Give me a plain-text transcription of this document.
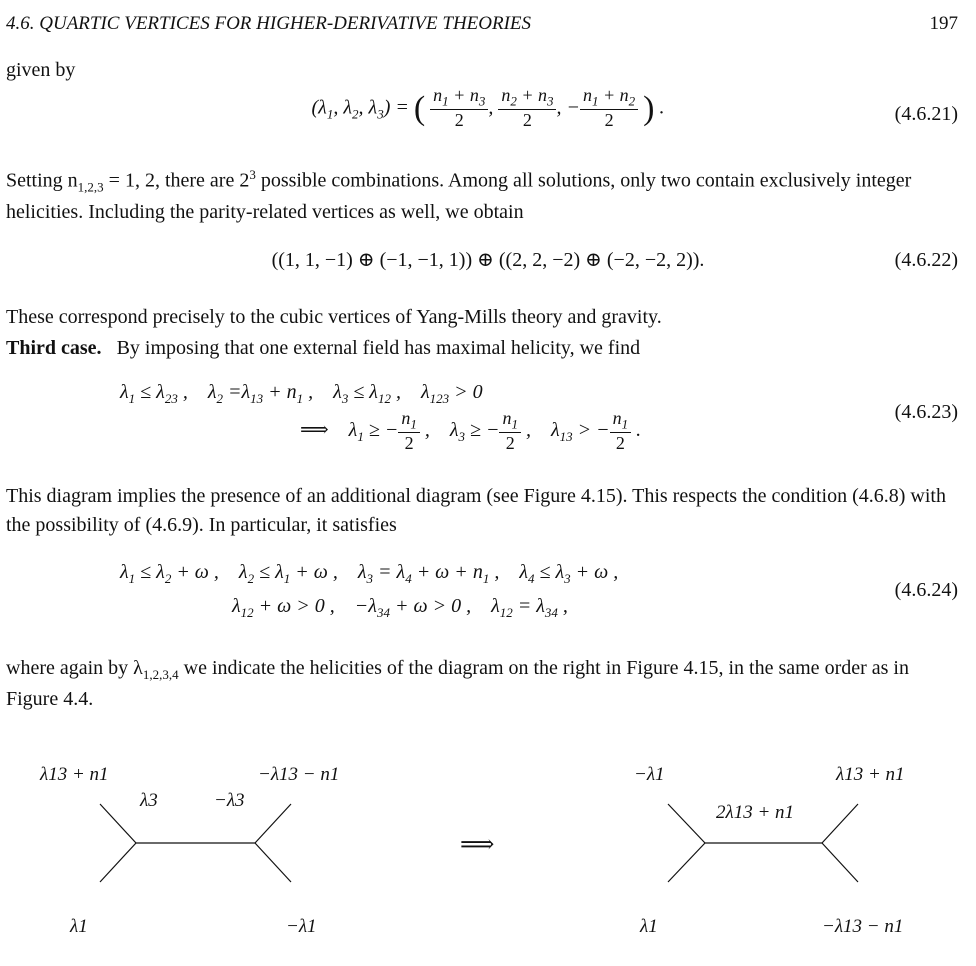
4.6. QUARTIC VERTICES FOR HIGHER-DERIVATIVE THEORIES	197
given by
($\lambda_1$, $\lambda_2$, $\lambda_3$) = ( $\frac{n_1 + n_3}{2}$ , $\frac{n_2 + n_3}{2}$ , − $\frac{n_1 + n_2}{2}$ ) .	(4.6.21)
Setting $n_{1,2,3} = 1$, 2, there are $2^3$ possible combinations. Among all solutions, only two contain exclusively integer helicities. Including the parity-related vertices as well, we obtain
((1, 1, −1) ⊕ (−1, −1, 1)) ⊕ ((2, 2, −2) ⊕ (−2, −2, 2)).	(4.6.22)
These correspond precisely to the cubic vertices of Yang-Mills theory and gravity.
Third case. By imposing that one external field has maximal helicity, we find
$\lambda_1 \le \lambda_{23}$ ,    $\lambda_2 =\lambda_{13} + n_1$ ,    $\lambda_3 \le \lambda_{12}$ ,    $\lambda_{123} > 0$
⟹    $\lambda_1$ ≥ − $\frac{n_1}{2}$ ,    $\lambda_3$ ≥ − $\frac{n_1}{2}$ ,    $\lambda_{13}$ > − $\frac{n_1}{2}$ .
(4.6.23)
This diagram implies the presence of an additional diagram (see Figure 4.15). This respects the condition (4.6.8) with the possibility of (4.6.9). In particular, it satisfies
$\lambda_1 \le \lambda_2 + \omega$ ,    $\lambda_2 \le \lambda_1 + \omega$ ,    $\lambda_3 = \lambda_4 + \omega + n_1$ ,    $\lambda_4 \le \lambda_3 + \omega$ ,
$\lambda_{12} + \omega > 0$ ,    $-\lambda_{34} + \omega > 0$ ,    $\lambda_{12} = \lambda_{34}$ ,
(4.6.24)
where again by $\lambda_{1,2,3,4}$ we indicate the helicities of the diagram on the right in Figure 4.15, in the same order as in Figure 4.4.
λ13 + n1	−λ13 − n1
λ3	−λ3
λ1	−λ1
⟹
−λ1	λ13 + n1
2λ13 + n1
λ1	−λ13 − n1
